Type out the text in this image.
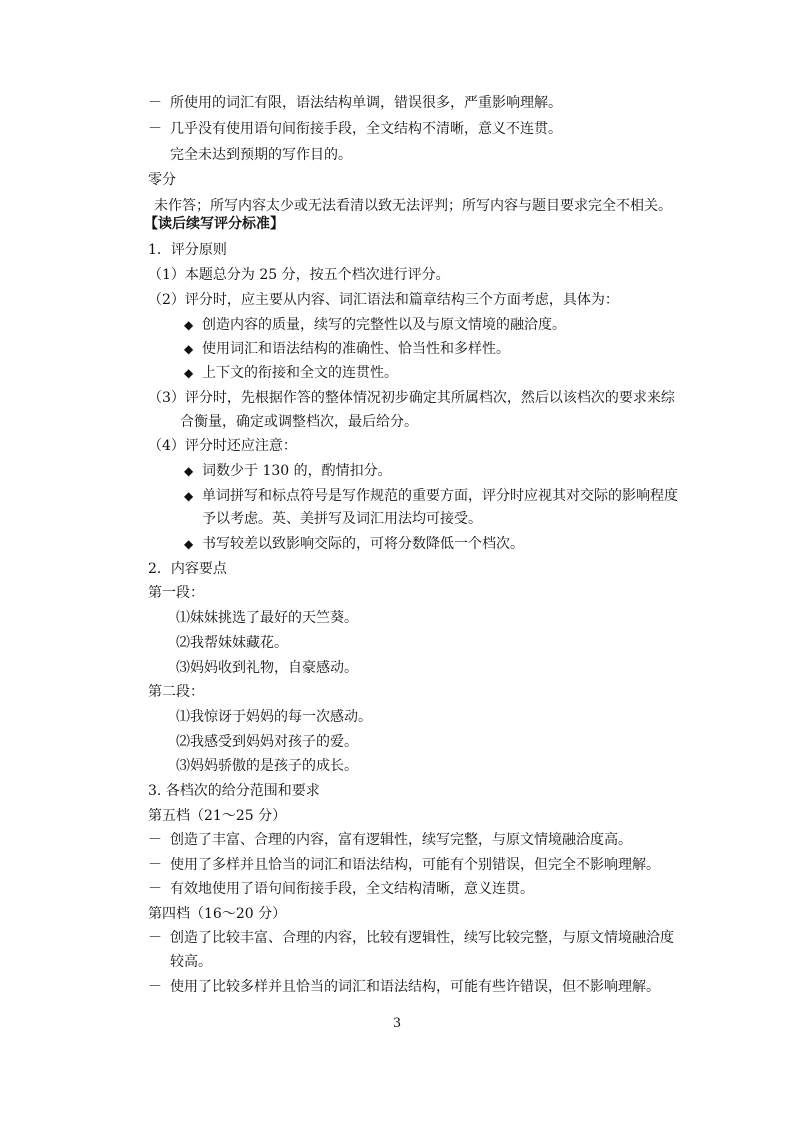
－ 所使用的词汇有限，语法结构单调，错误很多，严重影响理解。
－ 几乎没有使用语句间衔接手段，全文结构不清晰，意义不连贯。
完全未达到预期的写作目的。
零分
未作答；所写内容太少或无法看清以致无法评判；所写内容与题目要求完全不相关。
【读后续写评分标准】
1．评分原则
（1）本题总分为 25 分，按五个档次进行评分。
（2）评分时，应主要从内容、词汇语法和篇章结构三个方面考虑，具体为：
◆ 创造内容的质量，续写的完整性以及与原文情境的融洽度。
◆ 使用词汇和语法结构的准确性、恰当性和多样性。
◆ 上下文的衔接和全文的连贯性。
（3）评分时，先根据作答的整体情况初步确定其所属档次，然后以该档次的要求来综
合衡量，确定或调整档次，最后给分。
（4）评分时还应注意：
◆ 词数少于 130 的，酌情扣分。
◆ 单词拼写和标点符号是写作规范的重要方面，评分时应视其对交际的影响程度
予以考虑。英、美拼写及词汇用法均可接受。
◆ 书写较差以致影响交际的，可将分数降低一个档次。
2．内容要点
第一段：
⑴妹妹挑选了最好的天竺葵。
⑵我帮妹妹藏花。
⑶妈妈收到礼物，自豪感动。
第二段：
⑴我惊讶于妈妈的每一次感动。
⑵我感受到妈妈对孩子的爱。
⑶妈妈骄傲的是孩子的成长。
3. 各档次的给分范围和要求
第五档（21～25 分）
－ 创造了丰富、合理的内容，富有逻辑性，续写完整，与原文情境融洽度高。
－ 使用了多样并且恰当的词汇和语法结构，可能有个别错误，但完全不影响理解。
－ 有效地使用了语句间衔接手段，全文结构清晰，意义连贯。
第四档（16～20 分）
－ 创造了比较丰富、合理的内容，比较有逻辑性，续写比较完整，与原文情境融洽度
较高。
－ 使用了比较多样并且恰当的词汇和语法结构，可能有些许错误，但不影响理解。
3
